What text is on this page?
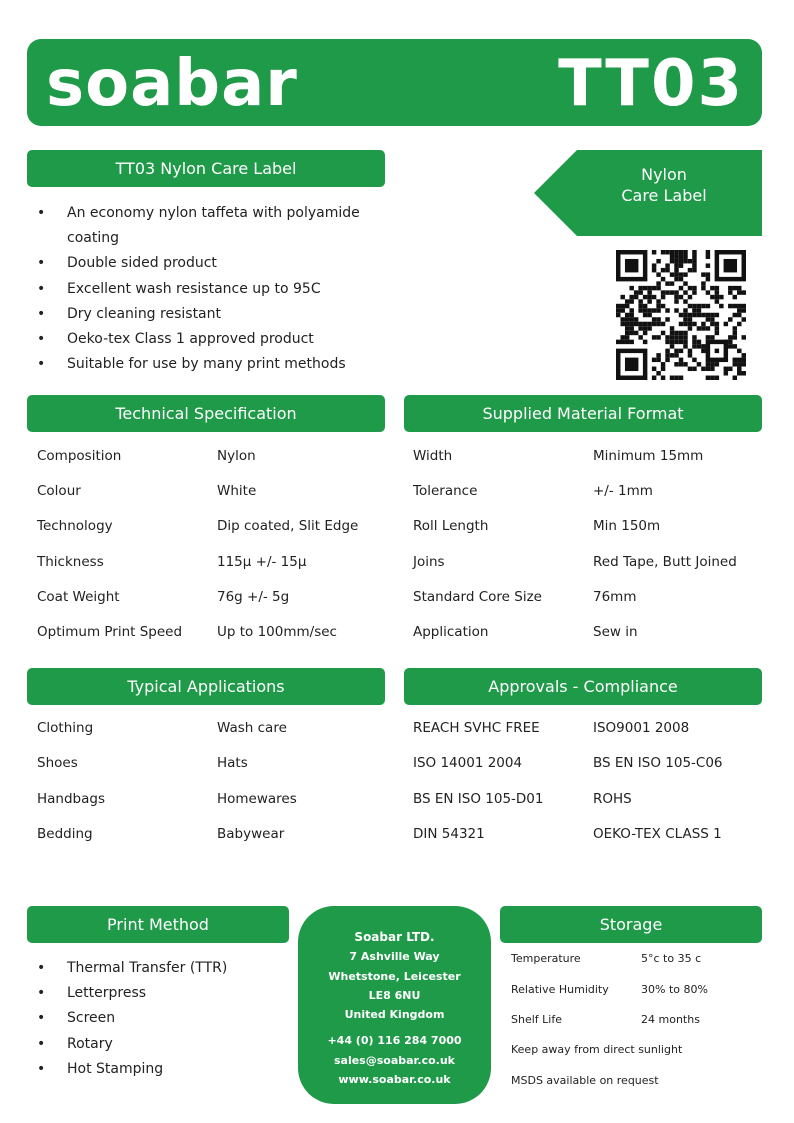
soabar	TT03
TT03 Nylon Care Label
• An economy nylon taffeta with polyamide coating
• Double sided product
• Excellent wash resistance up to 95C
• Dry cleaning resistant
• Oeko-tex Class 1 approved product
• Suitable for use by many print methods
Nylon
Care Label
Technical Specification
Composition	Nylon
Colour	White
Technology	Dip coated, Slit Edge
Thickness	115µ +/- 15µ
Coat Weight	76g +/- 5g
Optimum Print Speed	Up to 100mm/sec
Supplied Material Format
Width	Minimum 15mm
Tolerance	+/- 1mm
Roll Length	Min 150m
Joins	Red Tape, Butt Joined
Standard Core Size	76mm
Application	Sew in
Typical Applications
Clothing	Wash care
Shoes	Hats
Handbags	Homewares
Bedding	Babywear
Approvals - Compliance
REACH SVHC FREE	ISO9001 2008
ISO 14001 2004	BS EN ISO 105-C06
BS EN ISO 105-D01	ROHS
DIN 54321	OEKO-TEX CLASS 1
Print Method
• Thermal Transfer (TTR)
• Letterpress
• Screen
• Rotary
• Hot Stamping
Soabar LTD.
7 Ashville Way
Whetstone, Leicester
LE8 6NU
United Kingdom
+44 (0) 116 284 7000
sales@soabar.co.uk
www.soabar.co.uk
Storage
Temperature	5°c to 35 c
Relative Humidity	30% to 80%
Shelf Life	24 months
Keep away from direct sunlight
MSDS available on request
